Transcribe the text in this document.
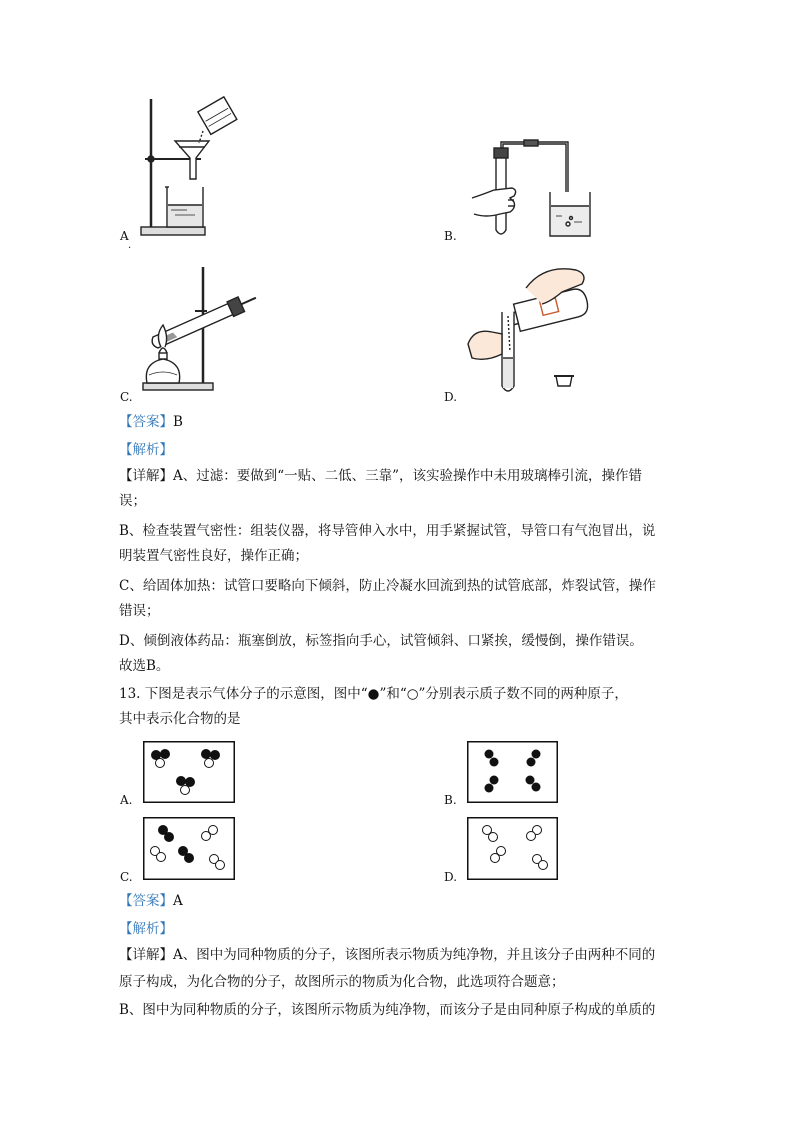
A
.
B.
C.	D.
【答案】B
【解析】
【详解】A、过滤：要做到“一贴、二低、三靠”，该实验操作中未用玻璃棒引流，操作错
误；
B、检查装置气密性：组装仪器，将导管伸入水中，用手紧握试管，导管口有气泡冒出，说
明装置气密性良好，操作正确；
C、给固体加热：试管口要略向下倾斜，防止冷凝水回流到热的试管底部，炸裂试管，操作
错误；
D、倾倒液体药品：瓶塞倒放，标签指向手心，试管倾斜、口紧挨，缓慢倒，操作错误。
故选B。
13. 下图是表示气体分子的示意图，图中“●”和“○”分别表示质子数不同的两种原子，
其中表示化合物的是
A.	B.
C.	D.
【答案】A
【解析】
【详解】A、图中为同种物质的分子，该图所表示物质为纯净物，并且该分子由两种不同的
原子构成，为化合物的分子，故图所示的物质为化合物，此选项符合题意；
B、图中为同种物质的分子，该图所示物质为纯净物，而该分子是由同种原子构成的单质的
